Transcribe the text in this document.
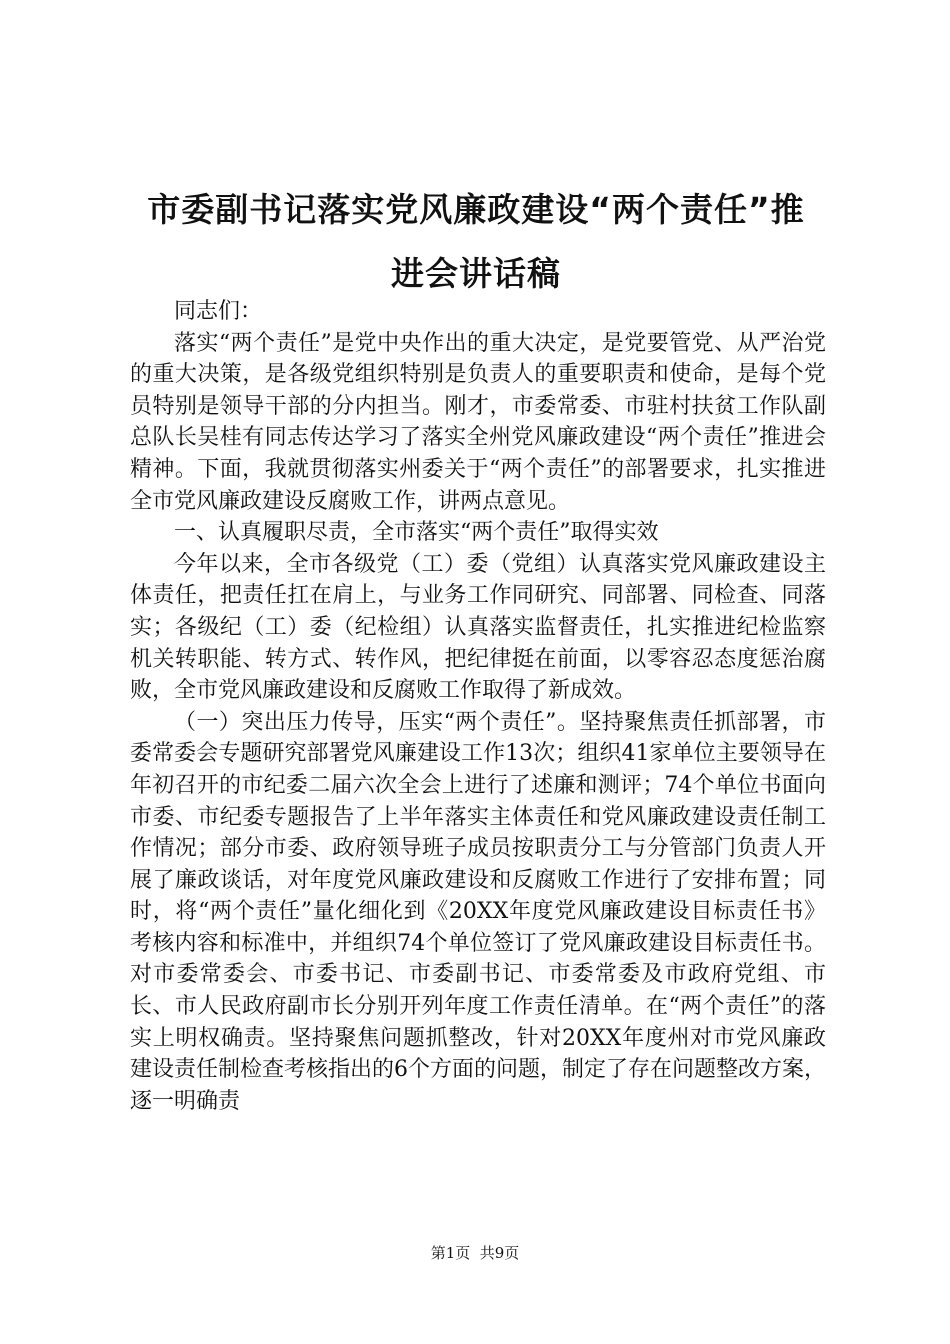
市委副书记落实党风廉政建设“两个责任”推
进会讲话稿

同志们：

落实“两个责任”是党中央作出的重大决定，是党要管党、从严治党的重大决策，是各级党组织特别是负责人的重要职责和使命，是每个党员特别是领导干部的分内担当。刚才，市委常委、市驻村扶贫工作队副总队长吴桂有同志传达学习了落实全州党风廉政建设“两个责任”推进会精神。下面，我就贯彻落实州委关于“两个责任”的部署要求，扎实推进全市党风廉政建设反腐败工作，讲两点意见。

一、认真履职尽责，全市落实“两个责任”取得实效

今年以来，全市各级党（工）委（党组）认真落实党风廉政建设主体责任，把责任扛在肩上，与业务工作同研究、同部署、同检查、同落实；各级纪（工）委（纪检组）认真落实监督责任，扎实推进纪检监察机关转职能、转方式、转作风，把纪律挺在前面，以零容忍态度惩治腐败，全市党风廉政建设和反腐败工作取得了新成效。

（一）突出压力传导，压实“两个责任”。坚持聚焦责任抓部署，市委常委会专题研究部署党风廉建设工作13次；组织41家单位主要领导在年初召开的市纪委二届六次全会上进行了述廉和测评；74个单位书面向市委、市纪委专题报告了上半年落实主体责任和党风廉政建设责任制工作情况；部分市委、政府领导班子成员按职责分工与分管部门负责人开展了廉政谈话，对年度党风廉政建设和反腐败工作进行了安排布置；同时，将“两个责任”量化细化到《20XX年度党风廉政建设目标责任书》考核内容和标准中，并组织74个单位签订了党风廉政建设目标责任书。对市委常委会、市委书记、市委副书记、市委常委及市政府党组、市长、市人民政府副市长分别开列年度工作责任清单。在“两个责任”的落实上明权确责。坚持聚焦问题抓整改，针对20XX年度州对市党风廉政建设责任制检查考核指出的6个方面的问题，制定了存在问题整改方案，逐一明确责

第1页  共9页
